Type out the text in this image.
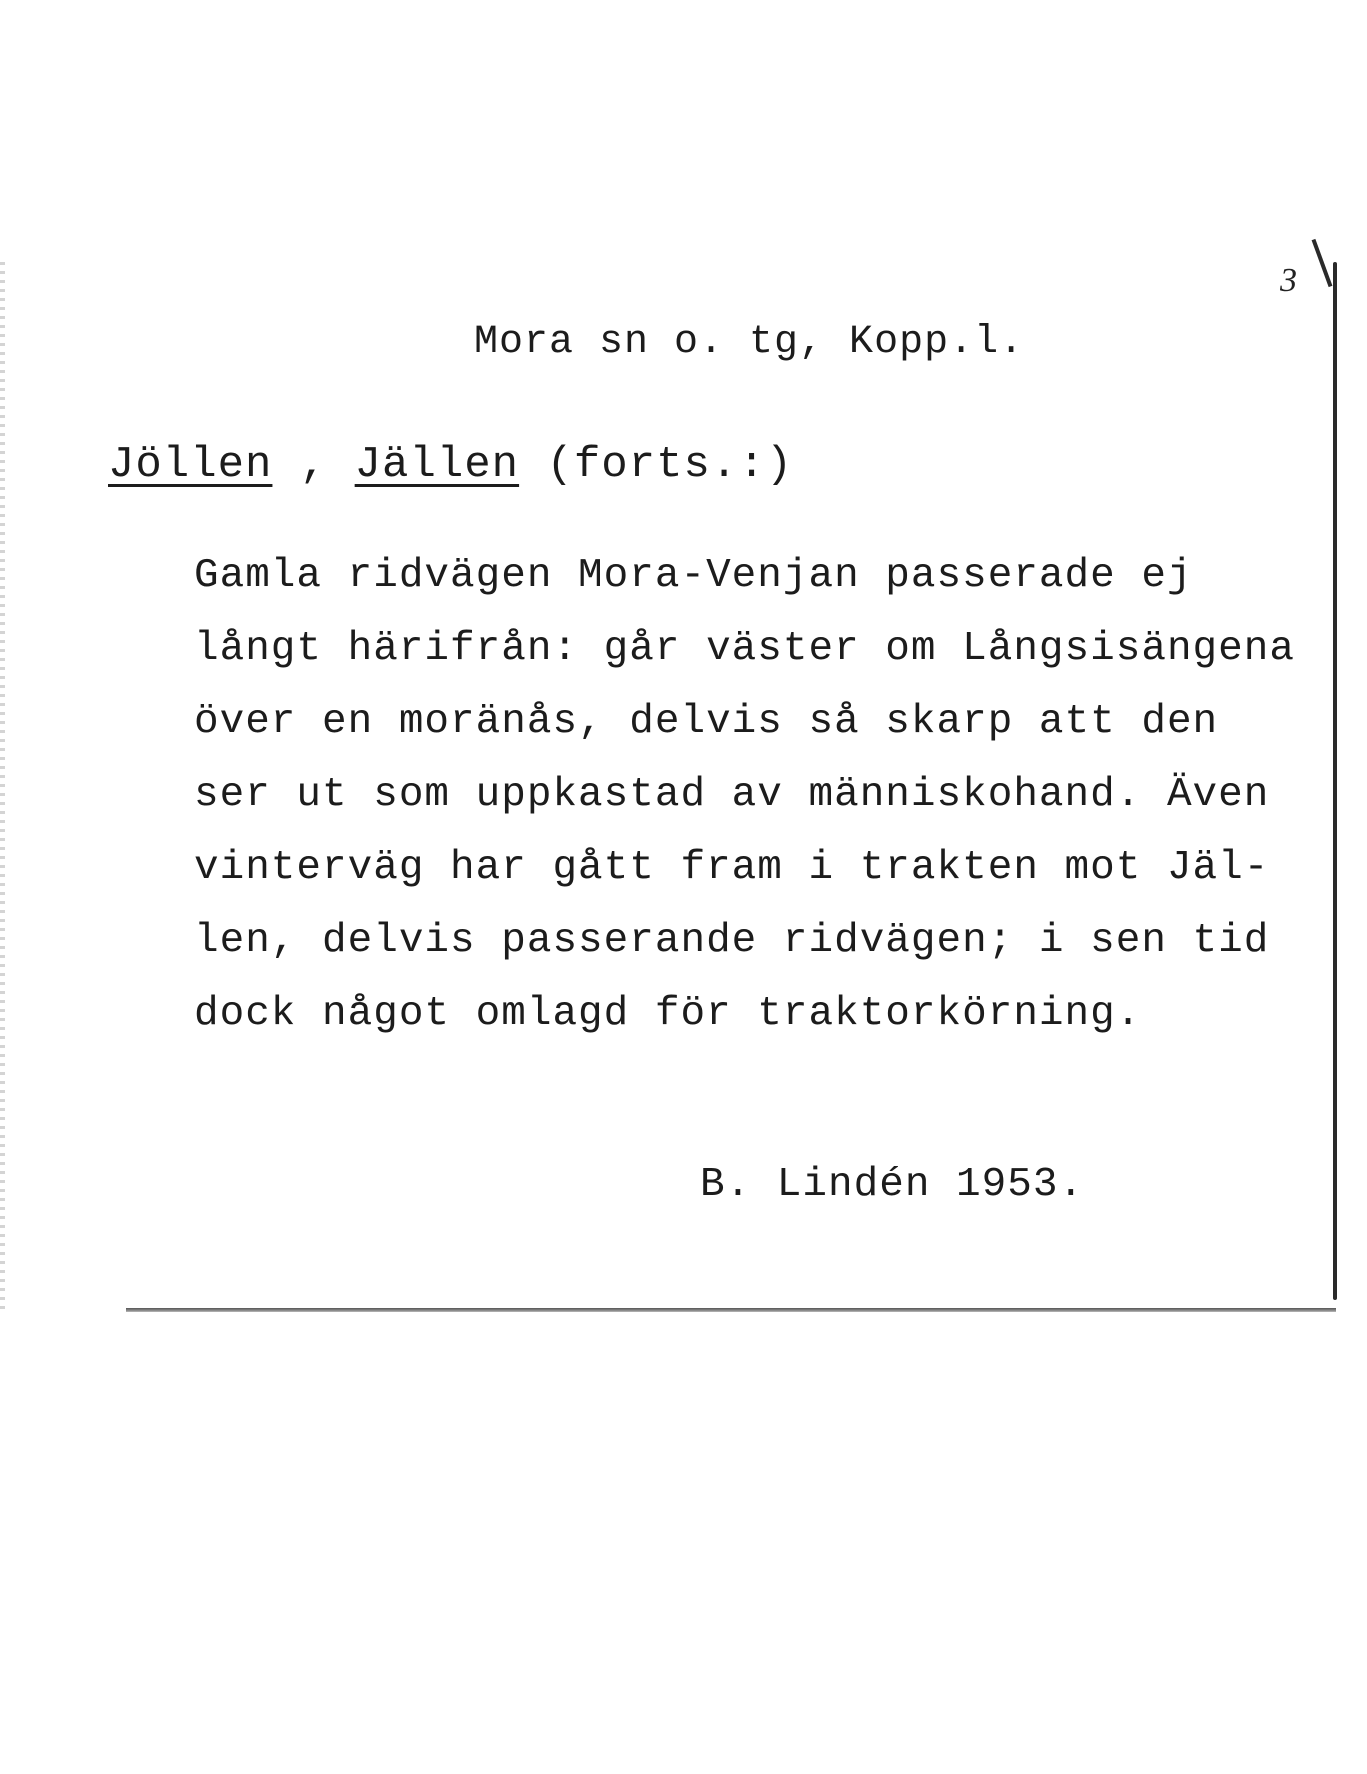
3
Mora sn o. tg, Kopp.l.
Jöllen , Jällen (forts.:)
Gamla ridvägen Mora-Venjan passerade ej
långt härifrån: går väster om Långsisängena
över en moränås, delvis så skarp att den
ser ut som uppkastad av människohand. Även
vinterväg har gått fram i trakten mot Jäl-
len, delvis passerande ridvägen; i sen tid
dock något omlagd för traktorkörning.
B. Lindén 1953.
